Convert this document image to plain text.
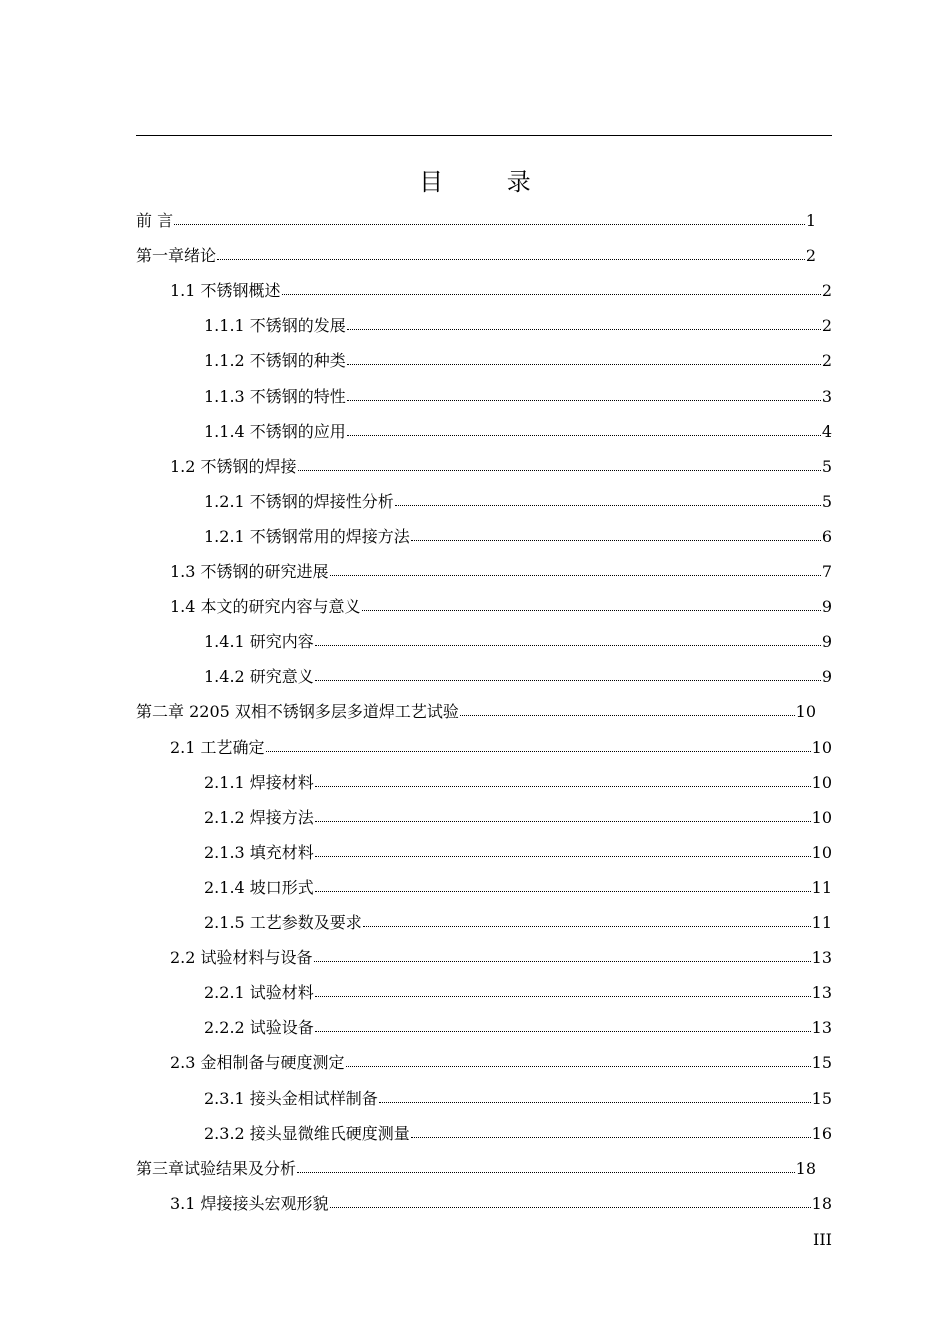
目 录
前 言	1
第一章绪论	2
1.1 不锈钢概述	2
1.1.1 不锈钢的发展	2
1.1.2 不锈钢的种类	2
1.1.3 不锈钢的特性	3
1.1.4 不锈钢的应用	4
1.2 不锈钢的焊接	5
1.2.1 不锈钢的焊接性分析	5
1.2.1 不锈钢常用的焊接方法	6
1.3 不锈钢的研究进展	7
1.4 本文的研究内容与意义	9
1.4.1 研究内容	9
1.4.2 研究意义	9
第二章 2205 双相不锈钢多层多道焊工艺试验	10
2.1 工艺确定	10
2.1.1 焊接材料	10
2.1.2 焊接方法	10
2.1.3 填充材料	10
2.1.4 坡口形式	11
2.1.5 工艺参数及要求	11
2.2 试验材料与设备	13
2.2.1 试验材料	13
2.2.2 试验设备	13
2.3 金相制备与硬度测定	15
2.3.1 接头金相试样制备	15
2.3.2 接头显微维氏硬度测量	16
第三章试验结果及分析	18
3.1 焊接接头宏观形貌	18
III
